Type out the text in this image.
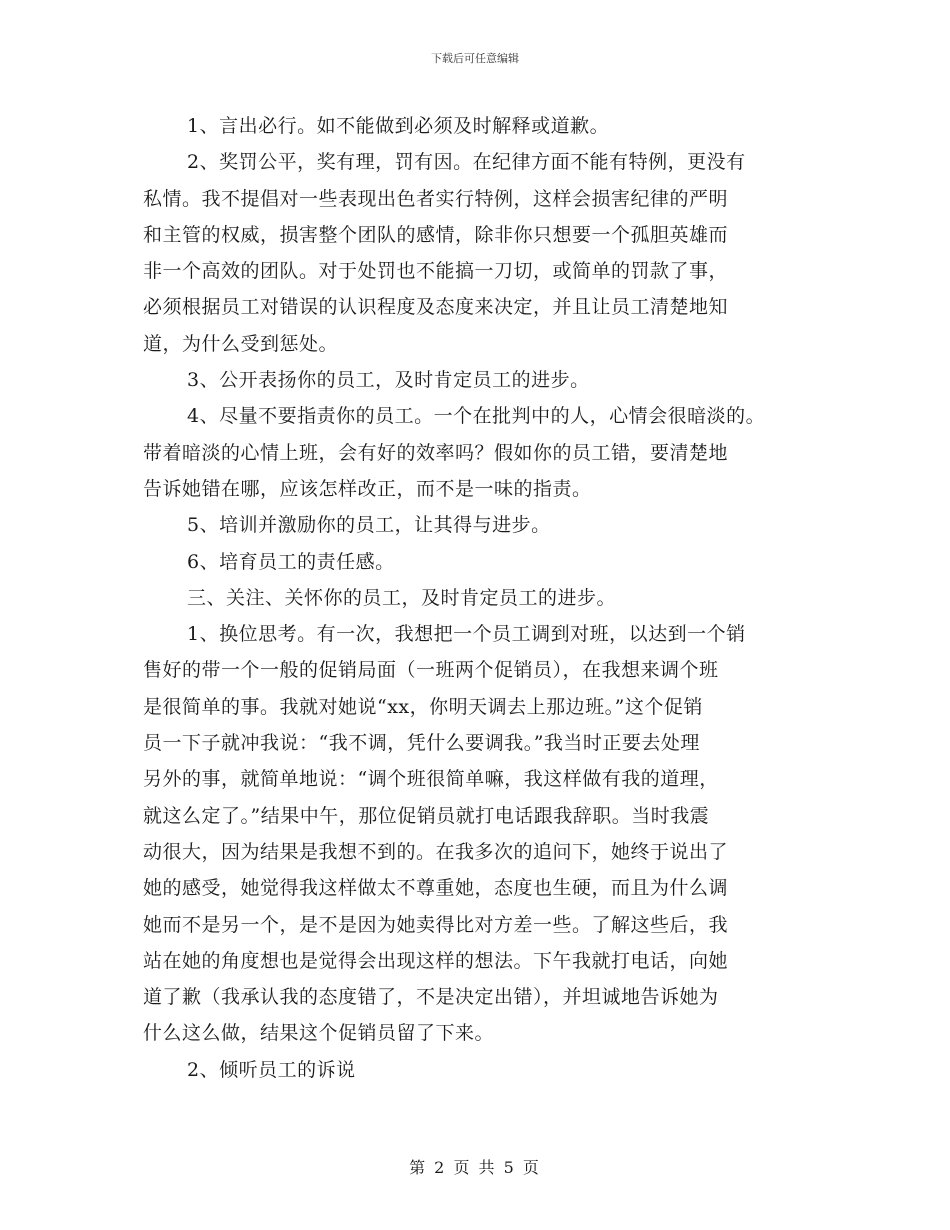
下载后可任意编辑
1、言出必行。如不能做到必须及时解释或道歉。
2、奖罚公平，奖有理，罚有因。在纪律方面不能有特例，更没有
私情。我不提倡对一些表现出色者实行特例，这样会损害纪律的严明
和主管的权威，损害整个团队的感情，除非你只想要一个孤胆英雄而
非一个高效的团队。对于处罚也不能搞一刀切，或简单的罚款了事，
必须根据员工对错误的认识程度及态度来决定，并且让员工清楚地知
道，为什么受到惩处。
3、公开表扬你的员工，及时肯定员工的进步。
4、尽量不要指责你的员工。一个在批判中的人，心情会很暗淡的。
带着暗淡的心情上班，会有好的效率吗？假如你的员工错，要清楚地
告诉她错在哪，应该怎样改正，而不是一味的指责。
5、培训并激励你的员工，让其得与进步。
6、培育员工的责任感。
三、关注、关怀你的员工，及时肯定员工的进步。
1、换位思考。有一次，我想把一个员工调到对班，以达到一个销
售好的带一个一般的促销局面（一班两个促销员），在我想来调个班
是很简单的事。我就对她说“xx，你明天调去上那边班。”这个促销
员一下子就冲我说：“我不调，凭什么要调我。”我当时正要去处理
另外的事，就简单地说：“调个班很简单嘛，我这样做有我的道理，
就这么定了。”结果中午，那位促销员就打电话跟我辞职。当时我震
动很大，因为结果是我想不到的。在我多次的追问下，她终于说出了
她的感受，她觉得我这样做太不尊重她，态度也生硬，而且为什么调
她而不是另一个，是不是因为她卖得比对方差一些。了解这些后，我
站在她的角度想也是觉得会出现这样的想法。下午我就打电话，向她
道了歉（我承认我的态度错了，不是决定出错），并坦诚地告诉她为
什么这么做，结果这个促销员留了下来。
2、倾听员工的诉说
第 2 页 共 5 页
